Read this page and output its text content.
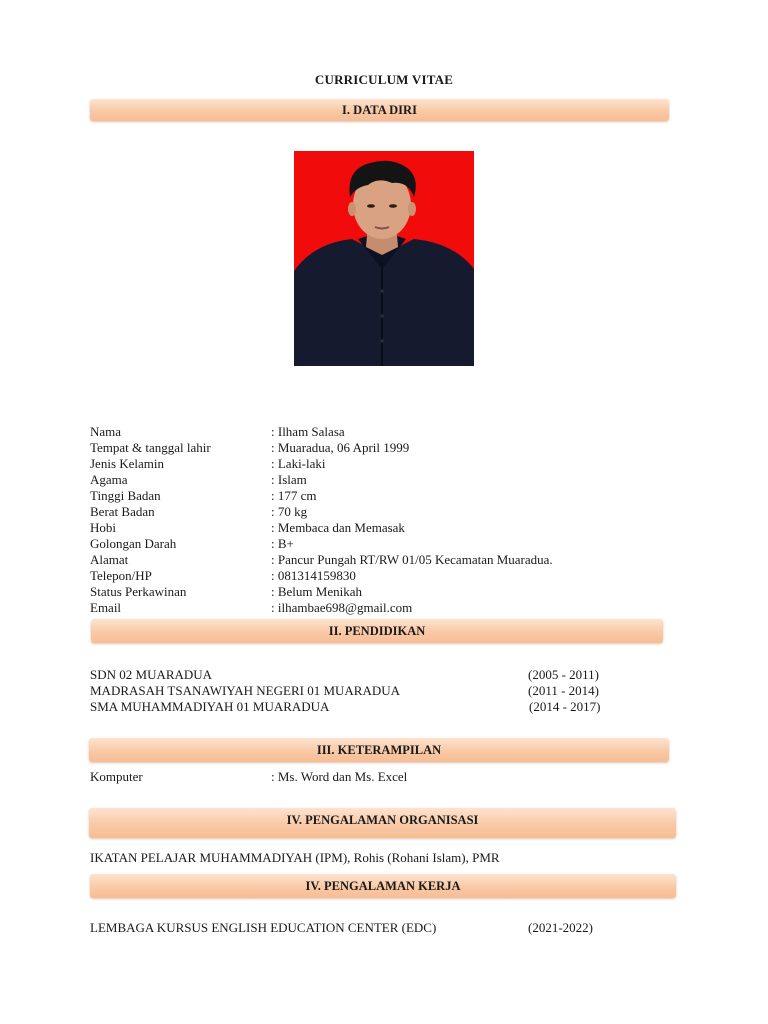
CURRICULUM VITAE
I. DATA DIRI
Nama	: Ilham Salasa
Tempat & tanggal lahir	: Muaradua, 06 April 1999
Jenis Kelamin	: Laki-laki
Agama	: Islam
Tinggi Badan	: 177 cm
Berat Badan	: 70 kg
Hobi	: Membaca dan Memasak
Golongan Darah	: B+
Alamat	: Pancur Pungah RT/RW 01/05 Kecamatan Muaradua.
Telepon/HP	: 081314159830
Status Perkawinan	: Belum Menikah
Email	: ilhambae698@gmail.com
II. PENDIDIKAN
SDN 02 MUARADUA	(2005 - 2011)
MADRASAH TSANAWIYAH NEGERI 01 MUARADUA	(2011 - 2014)
SMA MUHAMMADIYAH 01 MUARADUA	(2014 - 2017)
III. KETERAMPILAN
Komputer	: Ms. Word dan Ms. Excel
IV. PENGALAMAN ORGANISASI
IKATAN PELAJAR MUHAMMADIYAH (IPM), Rohis (Rohani Islam), PMR
IV. PENGALAMAN KERJA
LEMBAGA KURSUS ENGLISH EDUCATION CENTER (EDC)	(2021-2022)
